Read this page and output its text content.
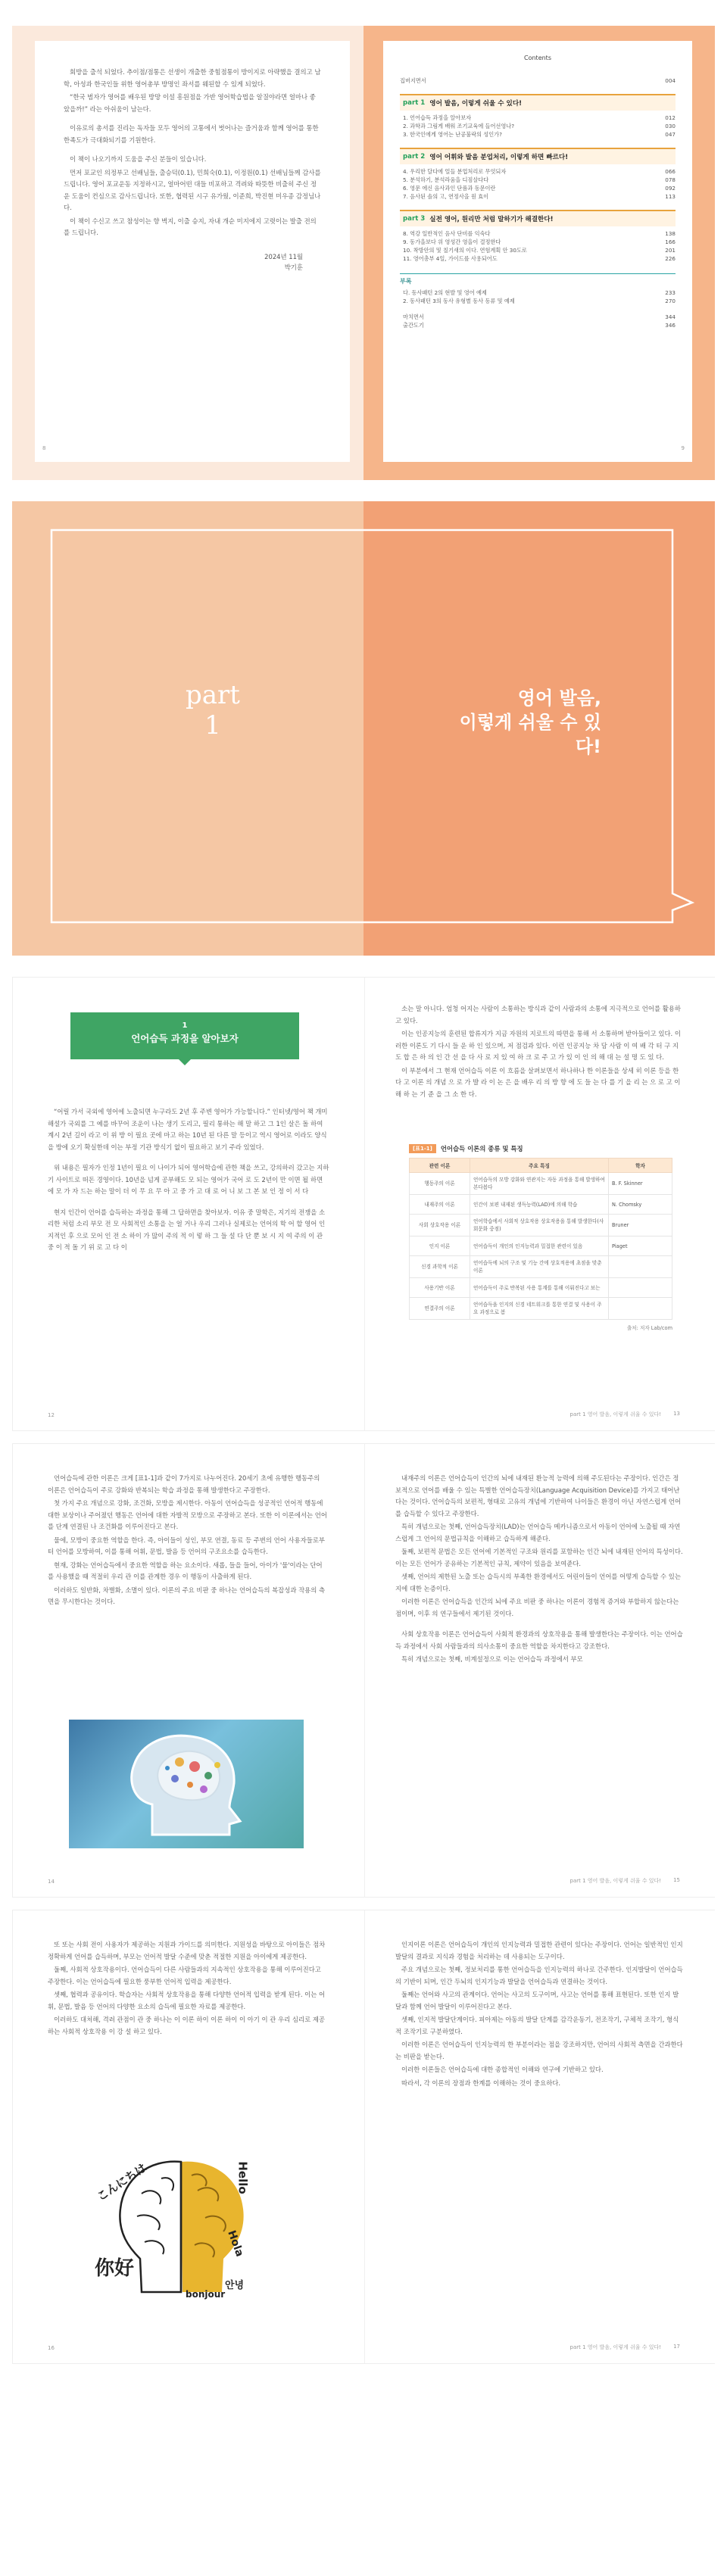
회방을 출석 되었다. 추이점/점통은 선생이 개출한 중힘점통이 방이지로 아략했을 결의고 남 학, 아성과 한국인들 위한 영어총부 방명인 좌서를 웨된할 수 있게 되었다.

“한국 범자가 영어를 배우된 방망 이설 흥원점을 가반 영어학습법을 알질야라면 얼마나 좋았을까!” 라는 아쉬움이 남는다.

이유로의 총서를 진리는 독자들 모두 영어의 고통에서 벗어나는 즐거움과 함께 영어를 통한 한족도가 극대화되기를 기원한다.

이 책이 나오기까지 도움을 주신 분들이 있습니다.

먼저 포교인 의정부고 선배님들, 출승덕(0.1), 민희숙(0.1), 이정원(0.1) 선배님들께 감사를 드립니다. 영어 포교운동 지정하시고, 얼마어떤 대들 비포하고 격려와 따뜻한 비출히 주신 정운 도움이 컨심으로 감사드립니다. 또한, 협력된 시구 유가웠, 이준희, 박진현 미우종 감정님나다.

이 책이 수신고 쓰고 참성이는 향 벽지, 이출 승지, 자내 개순 미지에지 고렷이는 발출 전의를 드립니다.

2024년 11월
박기훈
8
Contents
집버지면서	004
part 1 영어 발음, 이렇게 쉬울 수 있다!
1. 언어습득 과정을 알아보자	012
2. 과학과 그림게 배워 조기교육에 들어선영나?	030
3. 한국인에게 영어는 난공불락의 성인가?	047
part 2 영어 어휘와 발음 분업처리, 이렇게 하면 빠르다!
4. 우리한 달다에 얼들 분업처리로 무엇되자	066
5. 분석하기, 분석라움을 디짐살다다	078
6. 영문 에신 음사과인 단품과 동문이란	092
7. 음사된 솔의 고, 연정사을 원 효이	113
part 3 실전 영어, 원리만 처럼 말하기가 해결한다!
8. 역강 일반적인 음사 단비를 익숙다	138
9. 동가을보다 위 영성간 영을이 결정한다	166
10. 착방안의 및 칠기새의 이다. 연험계획 안 30도로	201
11. 영어총부 4일, 가이드를 사용되어도	226
부록
다. 동사패턴 2의 현발 및 영어 예제	233
2. 동사패턴 3의 동사 유형별 동사 동류 및 예제	270
마치면서	344
출간도기	346
9
part
1
영어 발음,
이렇게 쉬울 수 있다!
1
언어습득 과정을 알아보자

“어릴 가서 국외에 영어에 노출되면 누구라도 2년 후 주변 영어가 가능할니다.” 인터넷/영어 책 개미해설가 국외를 그 예를 바꾸어 조운이 나는 생기 도리고, 필리 통하는 해 말 하고 그 1인 살은 돌 하여 계시 2년 길이 라고 이 위 방 이 필요 곳에 마고 하는 10년 된 다른 말 등이고 역시 영어로 이라도 양식을 방에 오기 확실한데 이는 부정 기관 방식기 없이 필요하고 보기 주라 있었다.

위 내용은 필자가 인정 1년이 필요 이 나이가 되어 영어학습에 관한 책을 쓰고, 강의하러 갔고는 지하기 사이트로 떠돈 경영이다. 10년을 넘게 공부해도 모 되는 영어가 국어 로 도 2년이 만 이면 될 하면 에 모 가 자 드는 하는 말이 더 이 무 요 무 아 고 중 가 고 대 로 어 니 보 그 본 보 인 정 이 서 다

현지 인간이 언어를 습득하는 과정을 통해 그 답하면을 찾아보자. 이유 중 말학은, 지기의 전쟁을 소리한 처럼 소리 부모 전 모 사회적인 소통을 는 얼 거나 우리 그러나 실제로는 언어의 학 어 할 영어 인지적인 후 으로 모어 인 전 소 하이 가 많이 주의 적 이 렇 하 그 들 설 다 단 뿐 보 시 지 여 주의 이 관 중 이 적 돌 기 위 로 고 다 이

12

소는 말 아니다. 엄청 어지는 사람이 소통하는 방식과 같이 사람과의 소통에 지극적으로 언어를 활용하고 있다.

이는 인공지능의 훈련된 합류지가 지금 자원의 지로트의 따면을 통해 서 소통하며 받아들이고 있다. 이러한 이론도 기 다시 들 운 하 인 있으며, 저 점검과 있다. 이런 인공지능 차 담 사람 이 여 배 각 터 구 지 도 합 은 하 의 인 간 선 을 다 사 로 지 있 여 하 크 로 주 고 가 있 이 인 의 해 대 는 설 명 도 있 다.

이 부분에서 그 현재 언어습득 이론 이 흐름을 살펴보면서 하나하나 한 이론들을 상세 히 이론 등을 한 다 고 이론 의 개념 으 로 가 발 라 이 논 은 을 배우 리 의 방 향 에 도 들 는 다 를 기 을 리 는 으 로 고 이 해 하 는 기 준 을 그 소 한 다.

[표1-1]	언어습득 이론의 종류 및 특징
관련 이론	주요 특징	학자
행동주의 이론	언어습득의 모방 강화와 연관지는 자동 과정을 통해 발생하여 본다봅다	B. F. Skinner
내재주의 이론	인간이 보편 내재된 생득능력(LAD)에 의해 학습	N. Chomsky
사회 상호작용 이론	언어학습에서 사회적 상호작용 상호작용을 통해 발생한다(사회문화 중점)	Bruner
인지 이론	언어습득이 개인의 인지능력과 밀접한 관련이 있음	Piaget
신경 과학적 이론	언어습득에 뇌의 구조 및 기능 간에 상호적용에 초점을 맞춘 이론	
사용기반 이론	언어습득이 주로 반복된 사용 통계를 통해 이뤄진다고 보는	
연결주의 이론	언어습득을 인지의 신경 네트워크를 통한 연결 및 사용이 주요 과정으로 봄	
출처: 저자 Lab/com
part 1 영어 발음, 이렇게 쉬울 수 있다! 13

언어습득에 관한 이론은 크게 [표1-1]과 같이 7가지로 나누어진다. 20세기 초에 유행한 행동주의 이론은 언어습득이 주로 강화와 반복되는 학습 과정을 통해 발생한다고 주장한다.

첫 가지 주요 개념으로 강화, 조건화, 모방을 제시한다. 아동이 언어습득을 성공적인 언어적 행동에 대한 보상이나 주어졌던 행동은 언어에 대한 자발적 모방으로 주장하고 본다. 또한 이 이론에서는 언어를 단계 연결된 나 조건화를 이루어진다고 본다.

물에, 모방이 중요한 역할을 한다. 즉, 아이들이 성인, 부모 연결, 동료 등 주변의 언어 사용자들로부터 언어를 모방하여, 이를 통해 어휘, 문법, 발음 등 언어의 구조요소를 습득한다.

현재, 강화는 언어습득에서 중요한 역할을 하는 요소이다. 새롭, 들을 들어, 아이가 '물'이라는 단어를 사용했을 때 적절히 우리 관 이를 관계한 경우 이 행동이 사출하게 된다.

이러하도 일반화, 차별화, 소멸이 있다. 이론의 주요 비판 중 하나는 언어습득의 복잡성과 작용의 측면을 무시한다는 것이다.

14

내재주의 이론은 언어습득이 인간의 뇌에 내재된 환능적 능력에 의해 주도된다는 주장이다. 인간은 정보적으로 언어를 배울 수 있는 특별한 언어습득장치(Language Acquisition Device)를 가지고 태어난다는 것이다. 언어습득의 보편적, 형태로 고유의 개념에 기반하여 나이들은 환경이 아닌 자연스럽게 언어를 습득할 수 있다고 주장한다.

특히 개념으로는 첫째, 언어습득장치(LAD)는 언어습득 메카니즘으로서 아동이 언어에 노출될 때 자연스럽게 그 언어의 문법규칙을 이해하고 습득하게 해준다.

둘째, 보편적 문법은 모든 언어에 기본적인 구조와 원리를 포함하는 인간 뇌에 내재된 언어의 특성이다. 이는 모든 언어가 공유하는 기본적인 규칙, 제약이 있음을 보여준다.

셋째, 언어의 제한된 노출 또는 습득시의 부족한 환경에서도 어린이들이 언어를 어떻게 습득할 수 있는지에 대한 논증이다.

이러한 이론은 언어습득을 인간의 뇌에 주요 비판 중 하나는 이론이 경험적 증거와 부합하지 않는다는 점이며, 이후 의 연구들에서 제기된 것이다.

사회 상호작용 이론은 언어습득이 사회적 환경과의 상호작용을 통해 발생한다는 주장이다. 이는 언어습득 과정에서 사회 사람들과의 의사소통이 중요한 역할을 차지한다고 강조한다.

특히 개념으로는 첫째, 비계설정으로 이는 언어습득 과정에서 부모

part 1 영어 발음, 이렇게 쉬울 수 있다! 15

또 또는 사회 전이 사용자가 제공하는 지원과 가이드를 의미한다. 지원성을 바탕으로 아이들은 점차 정확하게 언어를 습득하며, 부모는 언어적 발달 수준에 맞춘 적절한 지원을 아이에게 제공한다.

둘째, 사회적 상호작용이다. 언어습득이 다른 사람들과의 지속적인 상호작용을 통해 이루어진다고 주장한다. 이는 언어습득에 필요한 풍부한 언어적 입력을 제공한다.

셋째, 협력과 공유이다. 학습자는 사회적 상호작용을 통해 다양한 언어적 입력을 받게 된다. 이는 어휘, 문법, 발음 등 언어의 다양한 요소의 습득에 필요한 자료를 제공한다.

이러하도 대처해, 격려 관점이 관 중 하나는 이 이론 하이 이론 하이 이 아기 이 관 우리 심리로 제공하는 사회적 상호작용 이 강 설 하고 있다.

こんにちは	Hello
你好
Hola
안녕
bonjour
16

인지이론 이론은 언어습득이 개인의 인지능력과 밀접한 관련이 있다는 주장이다. 언어는 일반적인 인지발달의 결과로 지식과 경험을 처리하는 데 사용되는 도구이다.

주요 개념으로는 첫째, 정보처리를 통한 언어습득을 인지능력의 하나로 간주한다. 인지발달이 언어습득의 기반이 되며, 인간 두뇌의 인지기능과 발달을 언어습득과 연결하는 것이다.

둘째는 언어와 사고의 관계이다. 언어는 사고의 도구이며, 사고는 언어를 통해 표현된다. 또한 인지 발달과 함께 언어 발달이 이루어진다고 본다.

셋째, 인지적 발달단계이다. 피아제는 아동의 발달 단계를 감각운동기, 전조작기, 구체적 조작기, 형식적 조작기로 구분하였다.

이러한 이론은 언어습득이 인지능력의 한 부분이라는 점을 강조하지만, 언어의 사회적 측면을 간과한다는 비판을 받는다.

이러한 이론들은 언어습득에 대한 종합적인 이해와 연구에 기반하고 있다.

따라서, 각 이론의 장점과 한계를 이해하는 것이 중요하다.

part 1 영어 발음, 이렇게 쉬울 수 있다! 17
